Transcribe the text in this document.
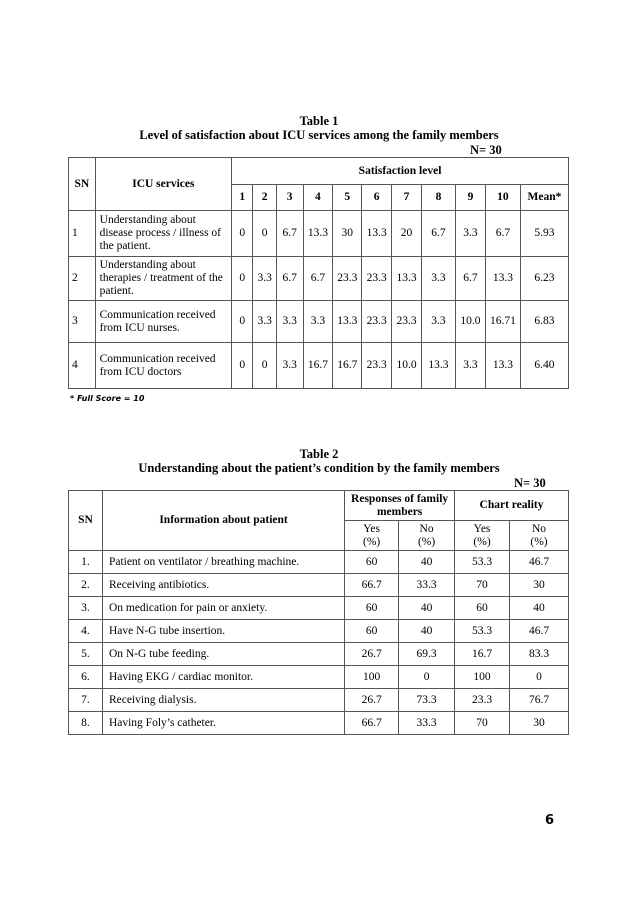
Table 1
Level of satisfaction about ICU services among the family members
N= 30
SN	ICU services	Satisfaction level										
		1	2	3	4	5	6	7	8	9	10	Mean*
1	Understanding about disease process / illness of the patient.	0	0	6.7	13.3	30	13.3	20	6.7	3.3	6.7	5.93
2	Understanding about therapies / treatment of the patient.	0	3.3	6.7	6.7	23.3	23.3	13.3	3.3	6.7	13.3	6.23
3	Communication received from ICU nurses.	0	3.3	3.3	3.3	13.3	23.3	23.3	3.3	10.0	16.71	6.83
4	Communication received from ICU doctors	0	0	3.3	16.7	16.7	23.3	10.0	13.3	3.3	13.3	6.40
* Full Score = 10
Table 2
Understanding about the patient’s condition by the family members
N= 30
SN	Information about patient	Responses of family members		Chart reality	
		Yes (%)	No (%)	Yes (%)	No (%)
1.	Patient on ventilator / breathing machine.	60	40	53.3	46.7
2.	Receiving antibiotics.	66.7	33.3	70	30
3.	On medication for pain or anxiety.	60	40	60	40
4.	Have N-G tube insertion.	60	40	53.3	46.7
5.	On N-G tube feeding.	26.7	69.3	16.7	83.3
6.	Having EKG / cardiac monitor.	100	0	100	0
7.	Receiving dialysis.	26.7	73.3	23.3	76.7
8.	Having Foly’s catheter.	66.7	33.3	70	30
6
